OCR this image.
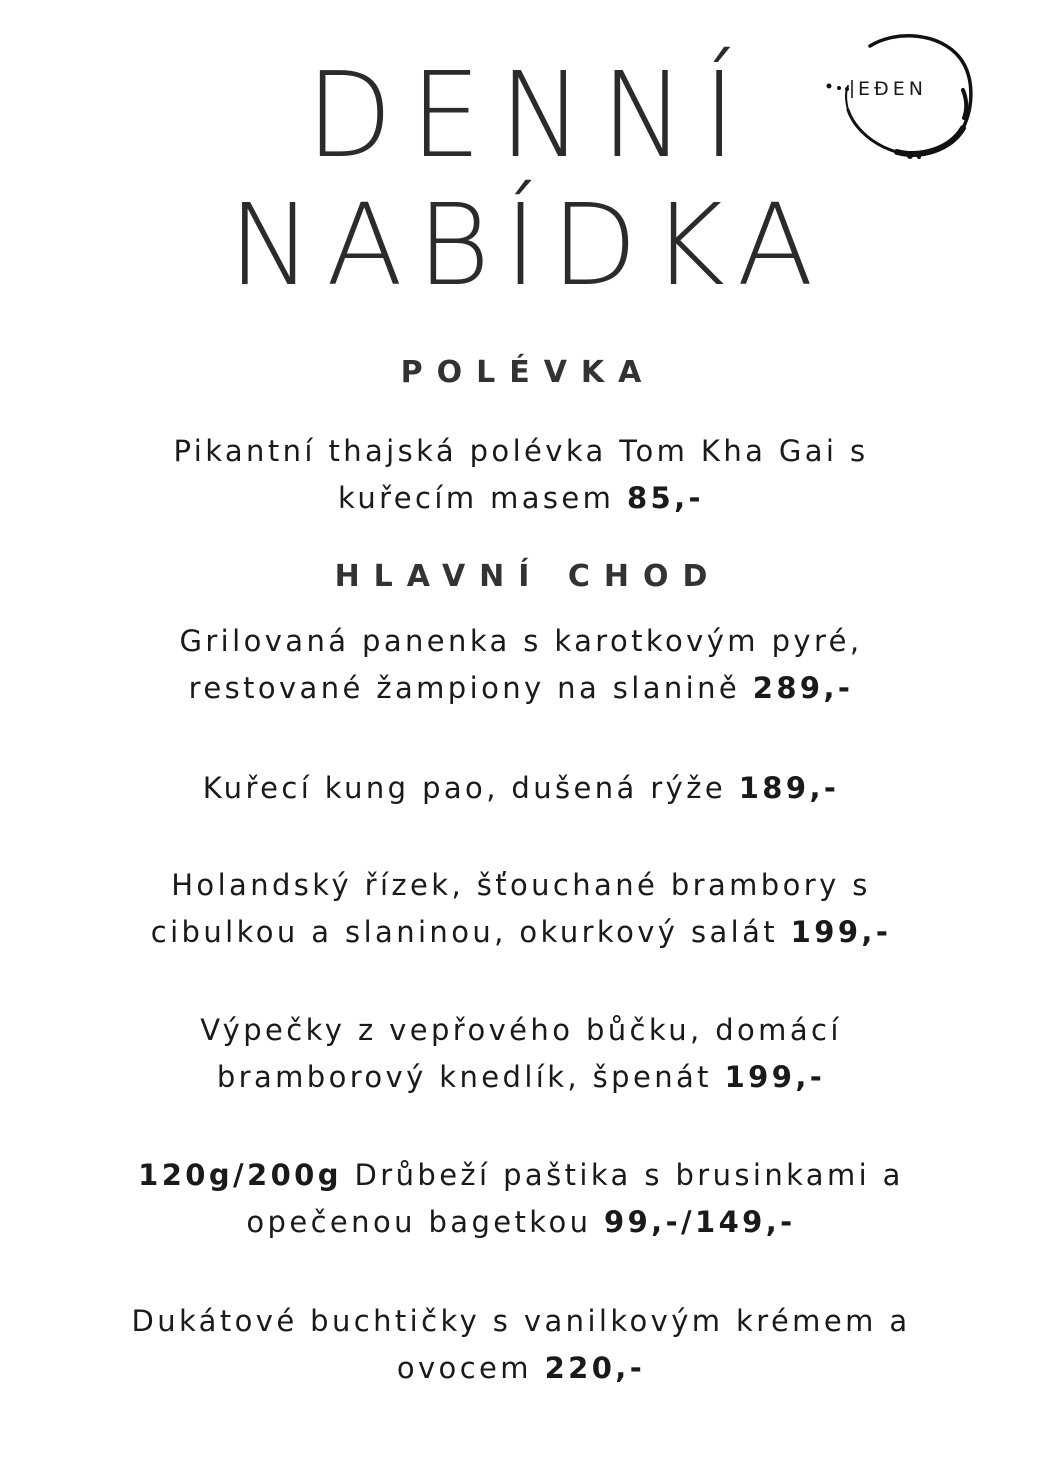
DENNÍ
NABÍDKA
EĐEN
POLÉVKA
Pikantní thajská polévka Tom Kha Gai s
kuřecím masem 85,-
HLAVNÍ CHOD
Grilovaná panenka s karotkovým pyré,
restované žampiony na slanině 289,-
Kuřecí kung pao, dušená rýže 189,-
Holandský řízek, šťouchané brambory s
cibulkou a slaninou, okurkový salát 199,-
Výpečky z vepřového bůčku, domácí
bramborový knedlík, špenát 199,-
120g/200g Drůbeží paštika s brusinkami a
opečenou bagetkou 99,-/149,-
Dukátové buchtičky s vanilkovým krémem a
ovocem 220,-
